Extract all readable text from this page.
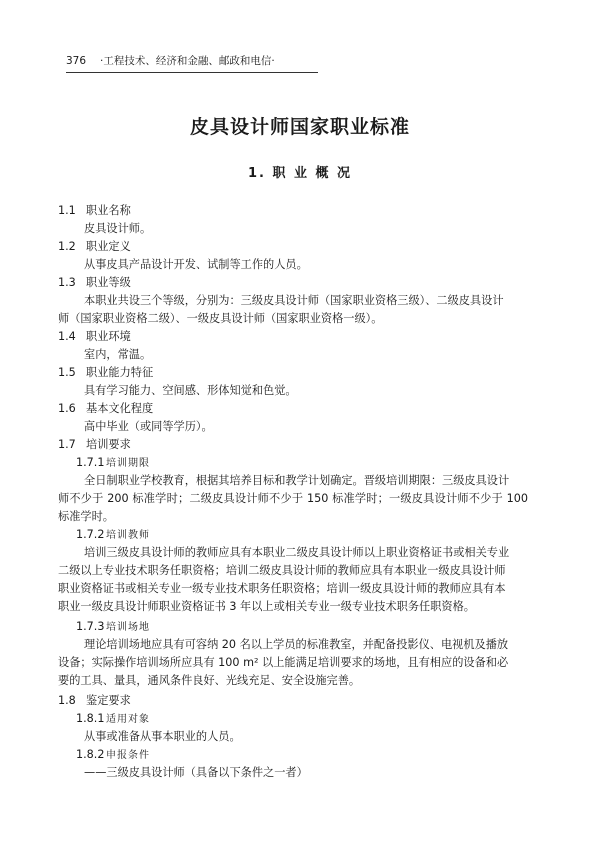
376 ·工程技术、经济和金融、邮政和电信·
皮具设计师国家职业标准
1. 职 业 概 况
1.1 职业名称
皮具设计师。
1.2 职业定义
从事皮具产品设计开发、试制等工作的人员。
1.3 职业等级
本职业共设三个等级，分别为：三级皮具设计师（国家职业资格三级）、二级皮具设计
师（国家职业资格二级）、一级皮具设计师（国家职业资格一级）。
1.4 职业环境
室内，常温。
1.5 职业能力特征
具有学习能力、空间感、形体知觉和色觉。
1.6 基本文化程度
高中毕业（或同等学历）。
1.7 培训要求
1.7.1 培训期限
全日制职业学校教育，根据其培养目标和教学计划确定。晋级培训期限：三级皮具设计
师不少于 200 标准学时；二级皮具设计师不少于 150 标准学时；一级皮具设计师不少于 100
标准学时。
1.7.2 培训教师
培训三级皮具设计师的教师应具有本职业二级皮具设计师以上职业资格证书或相关专业
二级以上专业技术职务任职资格；培训二级皮具设计师的教师应具有本职业一级皮具设计师
职业资格证书或相关专业一级专业技术职务任职资格；培训一级皮具设计师的教师应具有本
职业一级皮具设计师职业资格证书 3 年以上或相关专业一级专业技术职务任职资格。
1.7.3 培训场地
理论培训场地应具有可容纳 20 名以上学员的标准教室，并配备投影仪、电视机及播放
设备；实际操作培训场所应具有 100 m² 以上能满足培训要求的场地，且有相应的设备和必
要的工具、量具，通风条件良好、光线充足、安全设施完善。
1.8 鉴定要求
1.8.1 适用对象
从事或准备从事本职业的人员。
1.8.2 申报条件
——三级皮具设计师（具备以下条件之一者）
